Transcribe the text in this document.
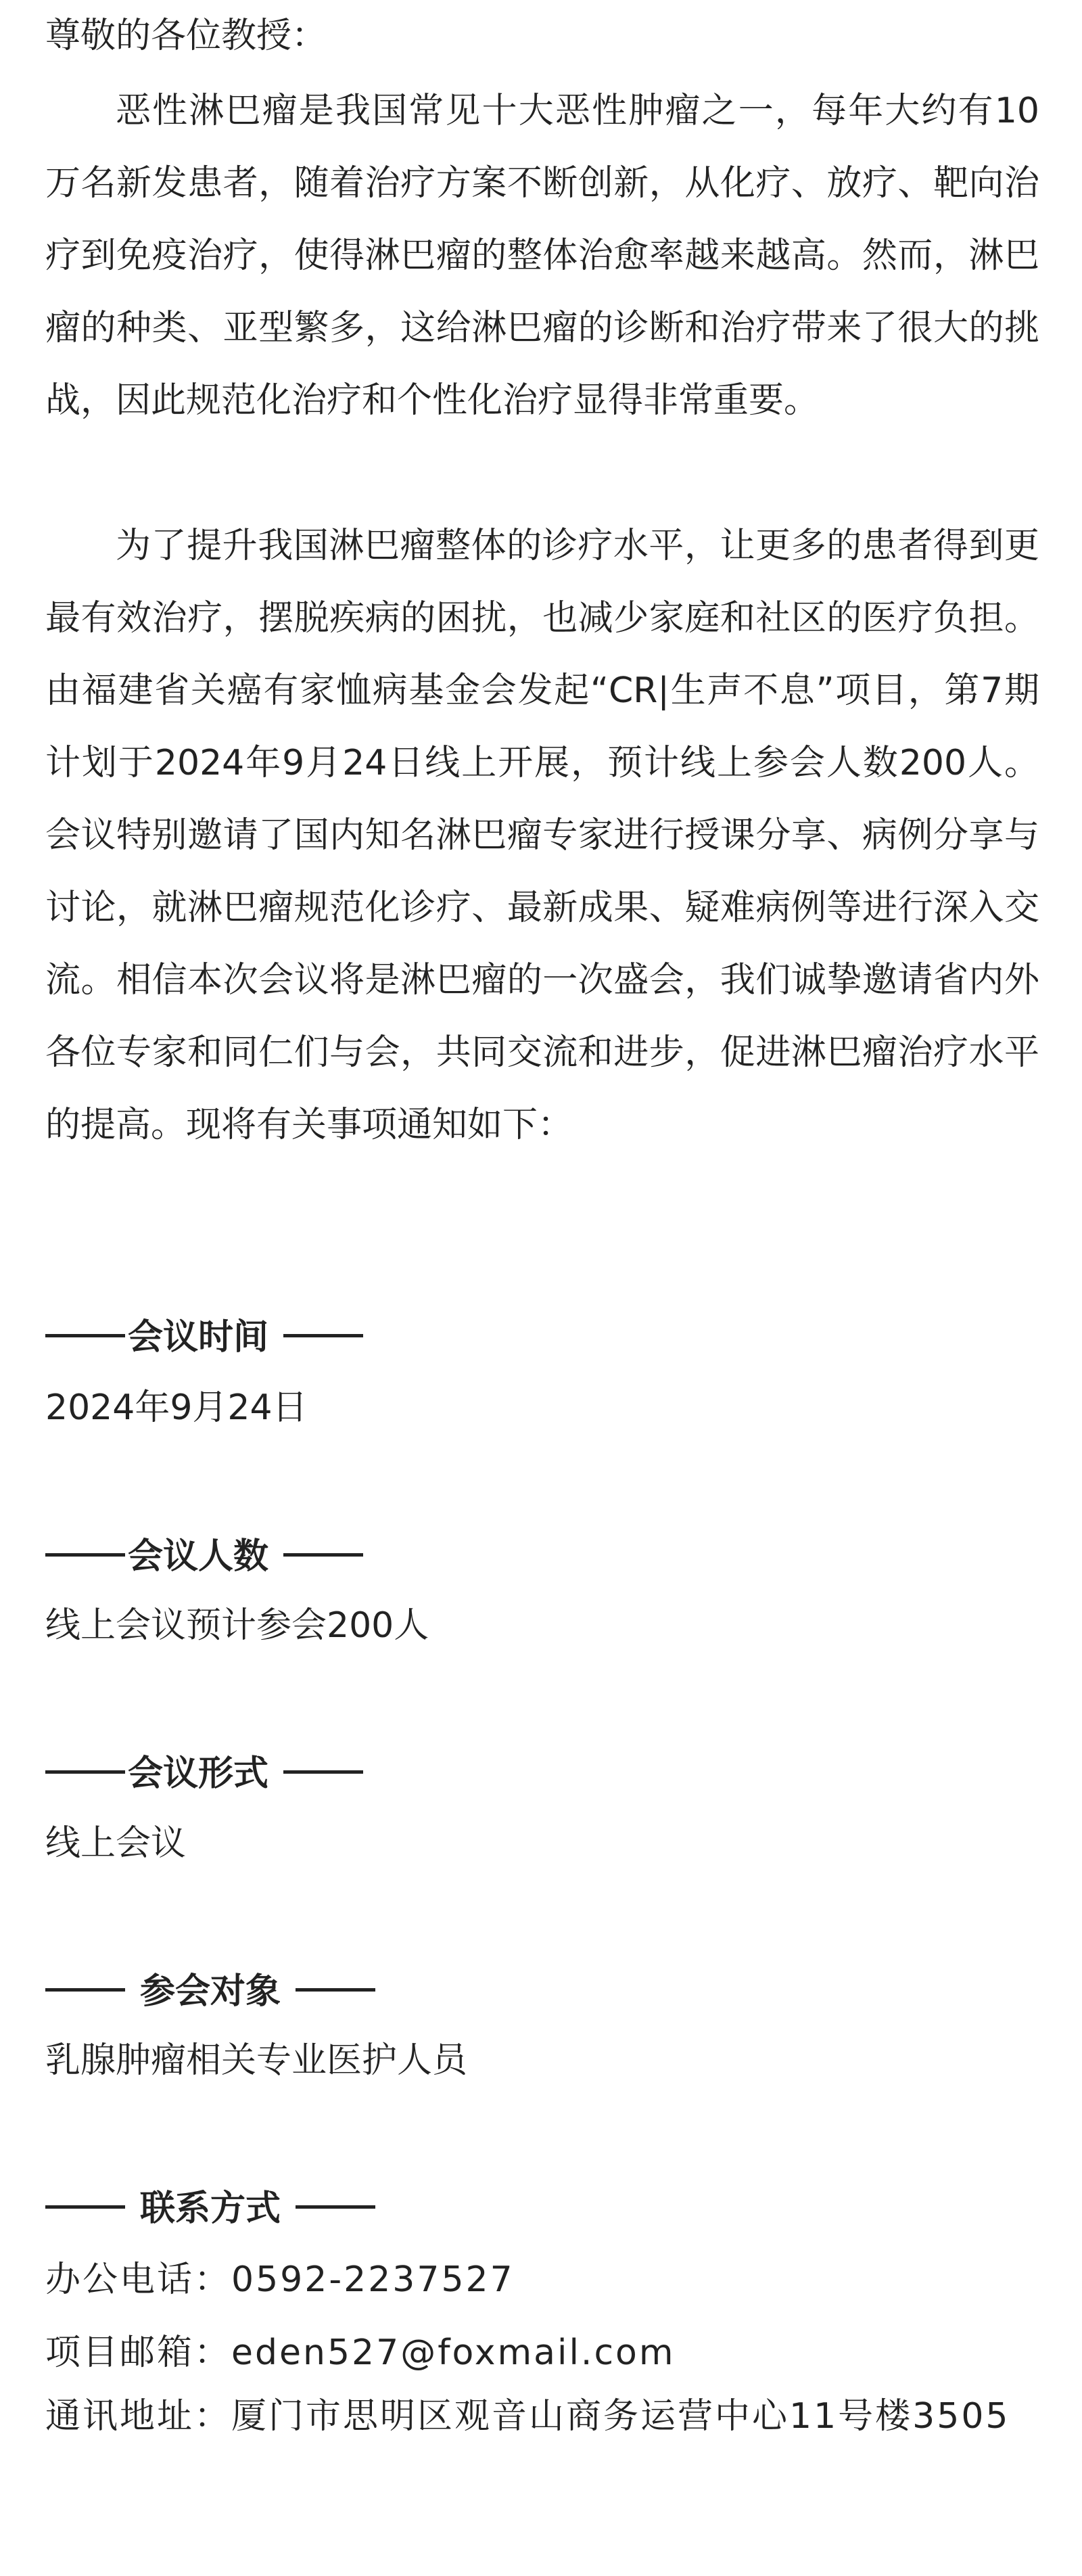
尊敬的各位教授：

恶性淋巴瘤是我国常见十大恶性肿瘤之一，每年大约有10万名新发患者，随着治疗方案不断创新，从化疗、放疗、靶向治疗到免疫治疗，使得淋巴瘤的整体治愈率越来越高。然而，淋巴瘤的种类、亚型繁多，这给淋巴瘤的诊断和治疗带来了很大的挑战，因此规范化治疗和个性化治疗显得非常重要。

为了提升我国淋巴瘤整体的诊疗水平，让更多的患者得到更最有效治疗，摆脱疾病的困扰，也减少家庭和社区的医疗负担。由福建省关癌有家恤病基金会发起“CR|生声不息”项目，第7期计划于2024年9月24日线上开展，预计线上参会人数200人。会议特别邀请了国内知名淋巴瘤专家进行授课分享、病例分享与讨论，就淋巴瘤规范化诊疗、最新成果、疑难病例等进行深入交流。相信本次会议将是淋巴瘤的一次盛会，我们诚挚邀请省内外各位专家和同仁们与会，共同交流和进步，促进淋巴瘤治疗水平的提高。现将有关事项通知如下：

会议时间
2024年9月24日
会议人数
线上会议预计参会200人
会议形式
线上会议
参会对象
乳腺肿瘤相关专业医护人员
联系方式
办公电话：0592-2237527
项目邮箱：eden527@foxmail.com
通讯地址：厦门市思明区观音山商务运营中心11号楼3505
